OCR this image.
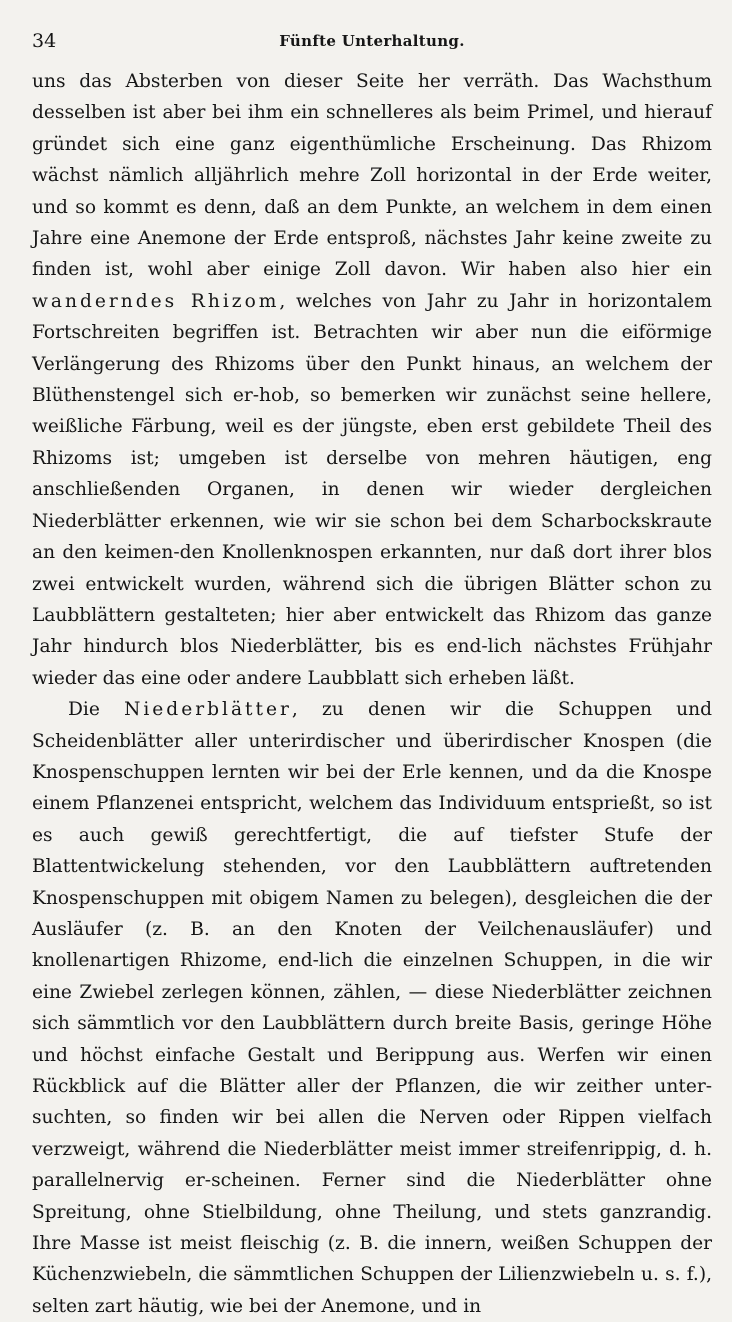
34	Fünfte Unterhaltung.

uns das Absterben von dieser Seite her verräth. Das Wachsthum desselben ist aber bei ihm ein schnelleres als beim Primel, und hierauf gründet sich eine ganz eigenthümliche Erscheinung. Das Rhizom wächst nämlich alljährlich mehre Zoll horizontal in der Erde weiter, und so kommt es denn, daß an dem Punkte, an welchem in dem einen Jahre eine Anemone der Erde entsproß, nächstes Jahr keine zweite zu finden ist, wohl aber einige Zoll davon. Wir haben also hier ein wanderndes Rhizom, welches von Jahr zu Jahr in horizontalem Fortschreiten begriffen ist. Betrachten wir aber nun die eiförmige Verlängerung des Rhizoms über den Punkt hinaus, an welchem der Blüthenstengel sich er-hob, so bemerken wir zunächst seine hellere, weißliche Färbung, weil es der jüngste, eben erst gebildete Theil des Rhizoms ist; umgeben ist derselbe von mehren häutigen, eng anschließenden Organen, in denen wir wieder dergleichen Niederblätter erkennen, wie wir sie schon bei dem Scharbockskraute an den keimen-den Knollenknospen erkannten, nur daß dort ihrer blos zwei entwickelt wurden, während sich die übrigen Blätter schon zu Laubblättern gestalteten; hier aber entwickelt das Rhizom das ganze Jahr hindurch blos Niederblätter, bis es end-lich nächstes Frühjahr wieder das eine oder andere Laubblatt sich erheben läßt.

Die Niederblätter, zu denen wir die Schuppen und Scheidenblätter aller unterirdischer und überirdischer Knospen (die Knospenschuppen lernten wir bei der Erle kennen, und da die Knospe einem Pflanzenei entspricht, welchem das Individuum entsprießt, so ist es auch gewiß gerechtfertigt, die auf tiefster Stufe der Blattentwickelung stehenden, vor den Laubblättern auftretenden Knospenschuppen mit obigem Namen zu belegen), desgleichen die der Ausläufer (z. B. an den Knoten der Veilchenausläufer) und knollenartigen Rhizome, end-lich die einzelnen Schuppen, in die wir eine Zwiebel zerlegen können, zählen, — diese Niederblätter zeichnen sich sämmtlich vor den Laubblättern durch breite Basis, geringe Höhe und höchst einfache Gestalt und Berippung aus. Werfen wir einen Rückblick auf die Blätter aller der Pflanzen, die wir zeither unter-suchten, so finden wir bei allen die Nerven oder Rippen vielfach verzweigt, während die Niederblätter meist immer streifenrippig, d. h. parallelnervig er-scheinen. Ferner sind die Niederblätter ohne Spreitung, ohne Stielbildung, ohne Theilung, und stets ganzrandig. Ihre Masse ist meist fleischig (z. B. die innern, weißen Schuppen der Küchenzwiebeln, die sämmtlichen Schuppen der Lilienzwiebeln u. s. f.), selten zart häutig, wie bei der Anemone, und in
